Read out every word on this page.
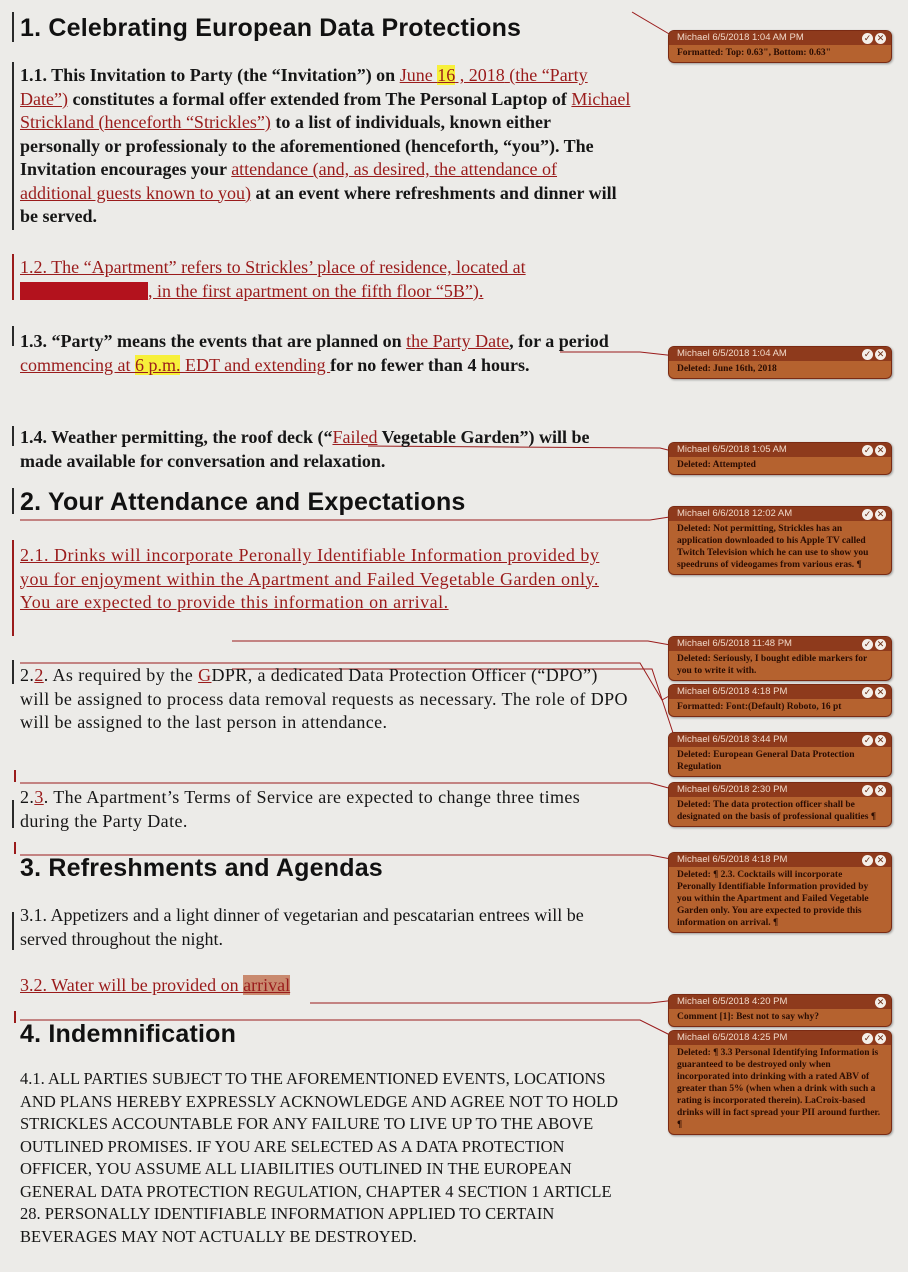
1. Celebrating European Data Protections
1.1. This Invitation to Party (the “Invitation”) on June 16 , 2018 (the “Party Date”) constitutes a formal offer extended from The Personal Laptop of Michael Strickland (henceforth “Strickles”) to a list of individuals, known either personally or professionaly to the aforementioned (henceforth, “you”). The Invitation encourages your attendance (and, as desired, the attendance of additional guests known to you) at an event where refreshments and dinner will be served.
1.2. The “Apartment” refers to Strickles’ place of residence, located at
, in the first apartment on the fifth floor “5B”).
1.3. “Party” means the events that are planned on the Party Date, for a period commencing at 6 p.m. EDT and extending for no fewer than 4 hours.
1.4. Weather permitting, the roof deck (“Failed Vegetable Garden”) will be made available for conversation and relaxation.
2. Your Attendance and Expectations
2.1. Drinks will incorporate Peronally Identifiable Information provided by you for enjoyment within the Apartment and Failed Vegetable Garden only. You are expected to provide this information on arrival.
2.2. As required by the GDPR, a dedicated Data Protection Officer (“DPO”) will be assigned to process data removal requests as necessary. The role of DPO will be assigned to the last person in attendance.
2.3. The Apartment’s Terms of Service are expected to change three times during the Party Date.
3. Refreshments and Agendas
3.1. Appetizers and a light dinner of vegetarian and pescatarian entrees will be served throughout the night.
3.2. Water will be provided on arrival
4. Indemnification
4.1. ALL PARTIES SUBJECT TO THE AFOREMENTIONED EVENTS, LOCATIONS AND PLANS HEREBY EXPRESSLY ACKNOWLEDGE AND AGREE NOT TO HOLD STRICKLES ACCOUNTABLE FOR ANY FAILURE TO LIVE UP TO THE ABOVE OUTLINED PROMISES. IF YOU ARE SELECTED AS A DATA PROTECTION OFFICER, YOU ASSUME ALL LIABILITIES OUTLINED IN THE EUROPEAN GENERAL DATA PROTECTION REGULATION, CHAPTER 4 SECTION 1 ARTICLE 28. PERSONALLY IDENTIFIABLE INFORMATION APPLIED TO CERTAIN BEVERAGES MAY NOT ACTUALLY BE DESTROYED.
Michael 6/5/2018 1:04 AM PM	✓ ✕
Formatted: Top: 0.63", Bottom: 0.63"
Michael 6/5/2018 1:04 AM	✓ ✕
Deleted: June 16th, 2018
Michael 6/5/2018 1:05 AM	✓ ✕
Deleted: Attempted
Michael 6/6/2018 12:02 AM	✓ ✕
Deleted: Not permitting, Strickles has an application downloaded to his Apple TV called Twitch Television which he can use to show you speedruns of videogames from various eras. ¶
Michael 6/5/2018 11:48 PM	✓ ✕
Deleted: Seriously, I bought edible markers for you to write it with.
Michael 6/5/2018 4:18 PM	✓ ✕
Formatted: Font:(Default) Roboto, 16 pt
Michael 6/5/2018 3:44 PM	✓ ✕
Deleted: European General Data Protection Regulation
Michael 6/5/2018 2:30 PM	✓ ✕
Deleted: The data protection officer shall be designated on the basis of professional qualities ¶
Michael 6/5/2018 4:18 PM	✓ ✕
Deleted: ¶ 2.3. Cocktails will incorporate Peronally Identifiable Information provided by you within the Apartment and Failed Vegetable Garden only. You are expected to provide this information on arrival. ¶
Michael 6/5/2018 4:20 PM	✕
Comment [1]: Best not to say why?
Michael 6/5/2018 4:25 PM	✓ ✕
Deleted: ¶ 3.3 Personal Identifying Information is guaranteed to be destroyed only when incorporated into drinking with a rated ABV of greater than 5% (when when a drink with such a rating is incorporated therein). LaCroix-based drinks will in fact spread your PII around further. ¶
